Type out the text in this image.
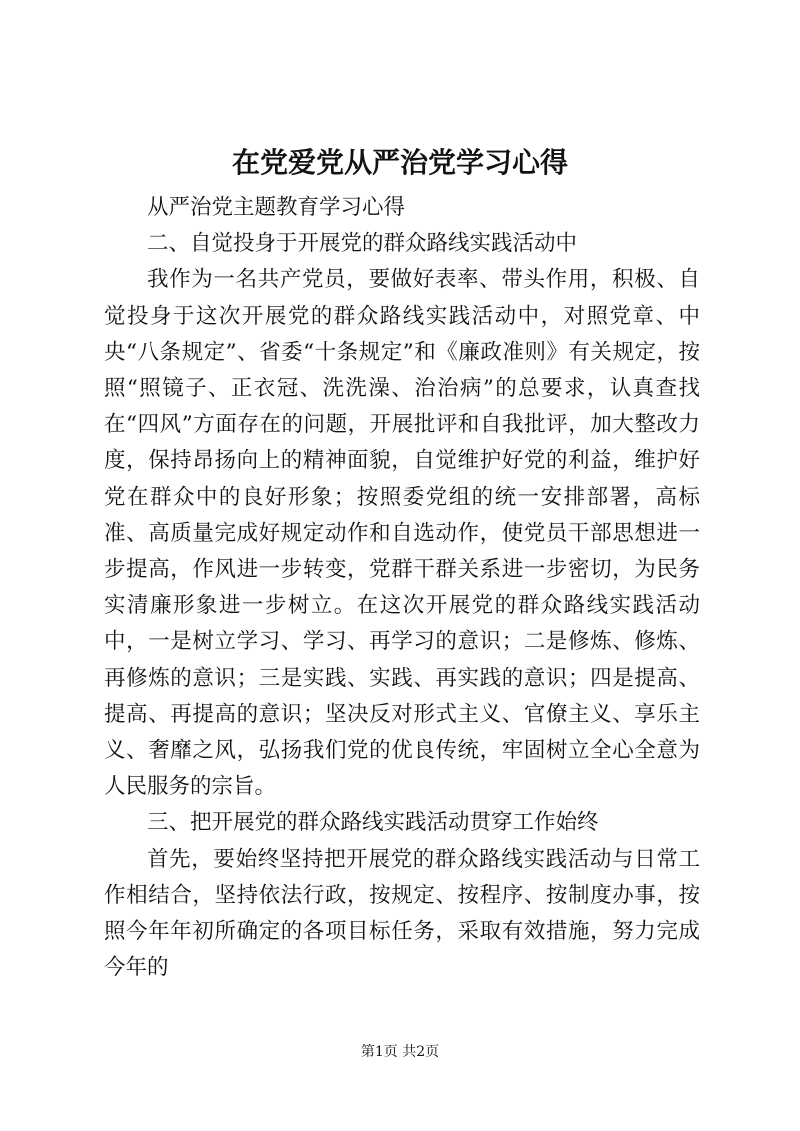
在党爱党从严治党学习心得

从严治党主题教育学习心得

二、自觉投身于开展党的群众路线实践活动中

我作为一名共产党员，要做好表率、带头作用，积极、自觉投身于这次开展党的群众路线实践活动中，对照党章、中央“八条规定”、省委“十条规定”和《廉政准则》有关规定，按照“照镜子、正衣冠、洗洗澡、治治病”的总要求，认真查找在“四风”方面存在的问题，开展批评和自我批评，加大整改力度，保持昂扬向上的精神面貌，自觉维护好党的利益，维护好党在群众中的良好形象；按照委党组的统一安排部署，高标准、高质量完成好规定动作和自选动作，使党员干部思想进一步提高，作风进一步转变，党群干群关系进一步密切，为民务实清廉形象进一步树立。在这次开展党的群众路线实践活动中，一是树立学习、学习、再学习的意识；二是修炼、修炼、再修炼的意识；三是实践、实践、再实践的意识；四是提高、提高、再提高的意识；坚决反对形式主义、官僚主义、享乐主义、奢靡之风，弘扬我们党的优良传统，牢固树立全心全意为人民服务的宗旨。

三、把开展党的群众路线实践活动贯穿工作始终

首先，要始终坚持把开展党的群众路线实践活动与日常工作相结合，坚持依法行政，按规定、按程序、按制度办事，按照今年年初所确定的各项目标任务，采取有效措施，努力完成今年的

第1页 共2页
